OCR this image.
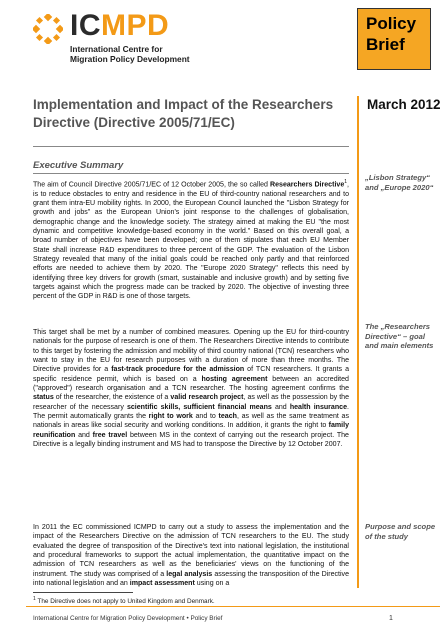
ICMPD
International Centre for
Migration Policy Development
Policy
Brief
Implementation and Impact of the Researchers Directive (Directive 2005/71/EC)
March 2012
Executive Summary
„Lisbon Strategy“ and „Europe 2020“
The „Researchers Directive“ – goal and main elements
Purpose and scope of the study
The aim of Council Directive 2005/71/EC of 12 October 2005, the so called Researchers Directive$^1$, is to reduce obstacles to entry and residence in the EU of third-country national researchers and to grant them intra-EU mobility rights. In 2000, the European Council launched the "Lisbon Strategy for growth and jobs" as the European Union's joint response to the challenges of globalisation, demographic change and the knowledge society. The strategy aimed at making the EU "the most dynamic and competitive knowledge-based economy in the world." Based on this overall goal, a broad number of objectives have been developed; one of them stipulates that each EU Member State shall increase R&D expenditures to three percent of the GDP. The evaluation of the Lisbon Strategy revealed that many of the initial goals could be reached only partly and that reinforced efforts are needed to achieve them by 2020. The "Europe 2020 Strategy" reflects this need by identifying three key drivers for growth (smart, sustainable and inclusive growth) and by setting five targets against which the progress made can be tracked by 2020. The objective of investing three percent of the GDP in R&D is one of those targets.
This target shall be met by a number of combined measures. Opening up the EU for third-country nationals for the purpose of research is one of them. The Researchers Directive intends to contribute to this target by fostering the admission and mobility of third country national (TCN) researchers who want to stay in the EU for research purposes with a duration of more than three months. The Directive provides for a fast-track procedure for the admission of TCN researchers. It grants a specific residence permit, which is based on a hosting agreement between an accredited ("approved") research organisation and a TCN researcher. The hosting agreement confirms the status of the researcher, the existence of a valid research project, as well as the possession by the researcher of the necessary scientific skills, sufficient financial means and health insurance. The permit automatically grants the right to work and to teach, as well as the same treatment as nationals in areas like social security and working conditions. In addition, it grants the right to family reunification and free travel between MS in the context of carrying out the research project. The Directive is a legally binding instrument and MS had to transpose the Directive by 12 October 2007.
In 2011 the EC commissioned ICMPD to carry out a study to assess the implementation and the impact of the Researchers Directive on the admission of TCN researchers to the EU. The study evaluated the degree of transposition of the Directive's text into national legislation, the institutional and procedural frameworks to support the actual implementation, the quantitative impact on the admission of TCN researchers as well as the beneficiaries' views on the functioning of the instrument. The study was comprised of a legal analysis assessing the transposition of the Directive into national legislation and an impact assessment using on a
$^1$ The Directive does not apply to United Kingdom and Denmark.
International Centre for Migration Policy Development • Policy Brief	1
